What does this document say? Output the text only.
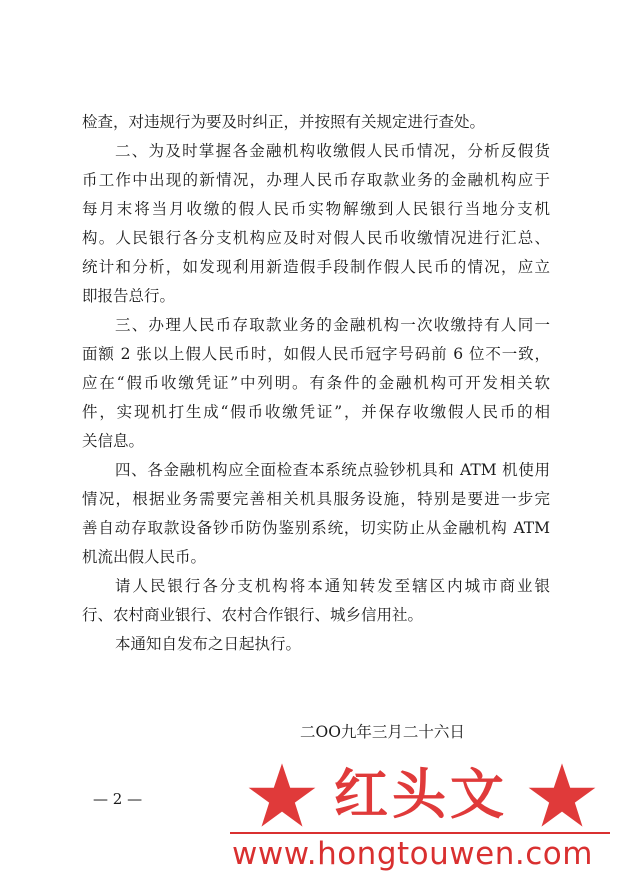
检查，对违规行为要及时纠正，并按照有关规定进行查处。
二、为及时掌握各金融机构收缴假人民币情况，分析反假货
币工作中出现的新情况，办理人民币存取款业务的金融机构应于
每月末将当月收缴的假人民币实物解缴到人民银行当地分支机
构。人民银行各分支机构应及时对假人民币收缴情况进行汇总、
统计和分析，如发现利用新造假手段制作假人民币的情况，应立
即报告总行。
三、办理人民币存取款业务的金融机构一次收缴持有人同一
面额 2 张以上假人民币时，如假人民币冠字号码前 6 位不一致，
应在“假币收缴凭证”中列明。有条件的金融机构可开发相关软
件，实现机打生成“假币收缴凭证”，并保存收缴假人民币的相
关信息。
四、各金融机构应全面检查本系统点验钞机具和 ATM 机使用
情况，根据业务需要完善相关机具服务设施，特别是要进一步完
善自动存取款设备钞币防伪鉴别系统，切实防止从金融机构 ATM
机流出假人民币。
请人民银行各分支机构将本通知转发至辖区内城市商业银
行、农村商业银行、农村合作银行、城乡信用社。
本通知自发布之日起执行。
二OO九年三月二十六日
— 2 —	红头文
www.hongtouwen.com
